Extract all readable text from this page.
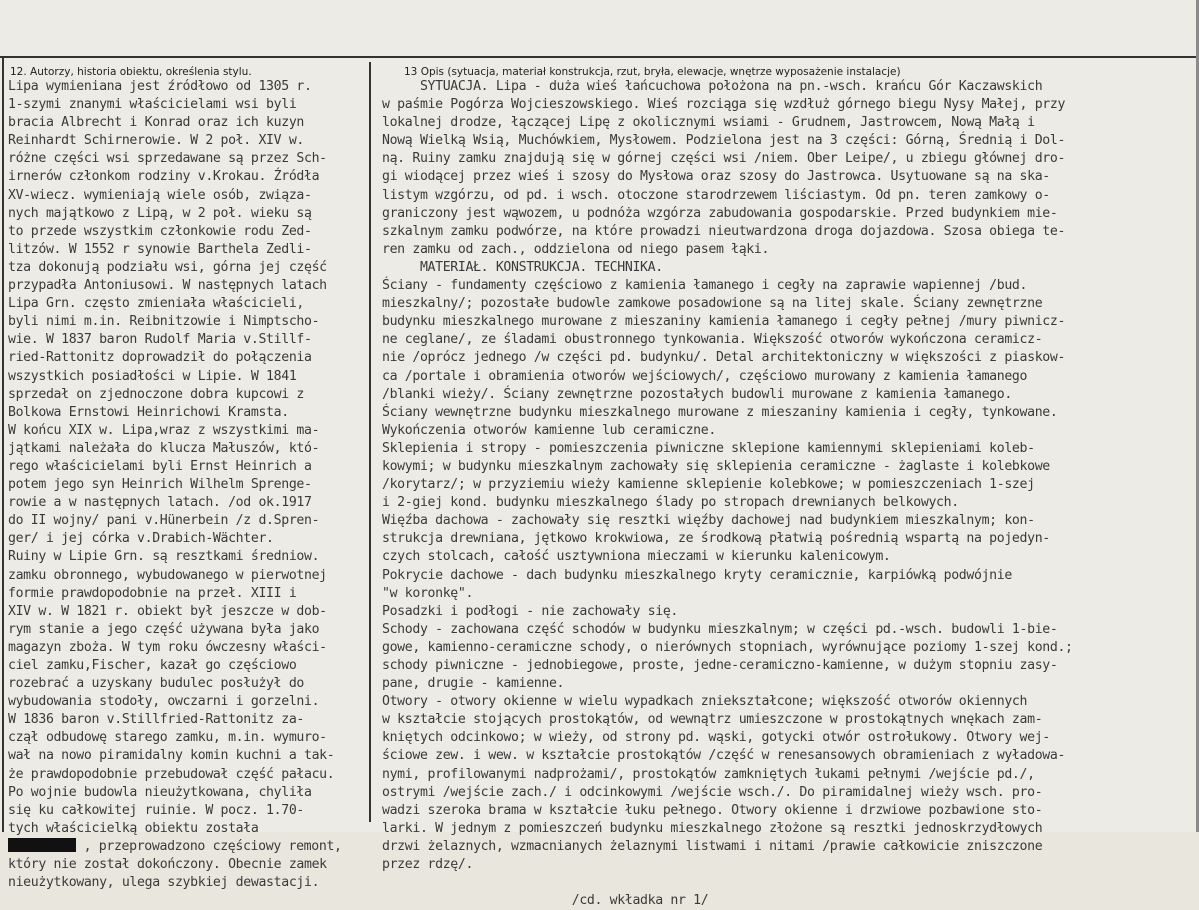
12. Autorzy, historia obiektu, określenia stylu.	13 Opis (sytuacja, materiał konstrukcja, rzut, bryła, elewacje, wnętrze wyposażenie instalacje)
Lipa wymieniana jest źródłowo od 1305 r.
1-szymi znanymi właścicielami wsi byli
bracia Albrecht i Konrad oraz ich kuzyn
Reinhardt Schirnerowie. W 2 poł. XIV w.
różne części wsi sprzedawane są przez Sch-
irnerów członkom rodziny v.Krokau. Źródła
XV-wiecz. wymieniają wiele osób, związa-
nych majątkowo z Lipą, w 2 poł. wieku są
to przede wszystkim członkowie rodu Zed-
litzów. W 1552 r synowie Barthela Zedli-
tza dokonują podziału wsi, górna jej część
przypadła Antoniusowi. W następnych latach
Lipa Grn. często zmieniała właścicieli,
byli nimi m.in. Reibnitzowie i Nimptscho-
wie. W 1837 baron Rudolf Maria v.Stillf-
ried-Rattonitz doprowadził do połączenia
wszystkich posiadłości w Lipie. W 1841
sprzedał on zjednoczone dobra kupcowi z
Bolkowa Ernstowi Heinrichowi Kramsta.
W końcu XIX w. Lipa,wraz z wszystkimi ma-
jątkami należała do klucza Małuszów, któ-
rego właścicielami byli Ernst Heinrich a
potem jego syn Heinrich Wilhelm Sprenge-
rowie a w następnych latach. /od ok.1917
do II wojny/ pani v.Hünerbein /z d.Spren-
ger/ i jej córka v.Drabich-Wächter.
Ruiny w Lipie Grn. są resztkami średniow.
zamku obronnego, wybudowanego w pierwotnej
formie prawdopodobnie na przeł. XIII i
XIV w. W 1821 r. obiekt był jeszcze w dob-
rym stanie a jego część używana była jako
magazyn zboża. W tym roku ówczesny właści-
ciel zamku,Fischer, kazał go częściowo
rozebrać a uzyskany budulec posłużył do
wybudowania stodoły, owczarni i gorzelni.
W 1836 baron v.Stillfried-Rattonitz za-
czął odbudowę starego zamku, m.in. wymuro-
wał na nowo piramidalny komin kuchni a tak-
że prawdopodobnie przebudował część pałacu.
Po wojnie budowla nieużytkowana, chyliła
się ku całkowitej ruinie. W pocz. 1.70-
tych właścicielką obiektu została
, przeprowadzono częściowy remont,
który nie został dokończony. Obecnie zamek
nieużytkowany, ulega szybkiej dewastacji.
SYTUACJA. Lipa - duża wieś łańcuchowa położona na pn.-wsch. krańcu Gór Kaczawskich
w paśmie Pogórza Wojcieszowskiego. Wieś rozciąga się wzdłuż górnego biegu Nysy Małej, przy
lokalnej drodze, łączącej Lipę z okolicznymi wsiami - Grudnem, Jastrowcem, Nową Małą i
Nową Wielką Wsią, Muchówkiem, Mysłowem. Podzielona jest na 3 części: Górną, Średnią i Dol-
ną. Ruiny zamku znajdują się w górnej części wsi /niem. Ober Leipe/, u zbiegu głównej dro-
gi wiodącej przez wieś i szosy do Mysłowa oraz szosy do Jastrowca. Usytuowane są na ska-
listym wzgórzu, od pd. i wsch. otoczone starodrzewem liściastym. Od pn. teren zamkowy o-
graniczony jest wąwozem, u podnóża wzgórza zabudowania gospodarskie. Przed budynkiem mie-
szkalnym zamku podwórze, na które prowadzi nieutwardzona droga dojazdowa. Szosa obiega te-
ren zamku od zach., oddzielona od niego pasem łąki.
MATERIAŁ. KONSTRUKCJA. TECHNIKA.
Ściany - fundamenty częściowo z kamienia łamanego i cegły na zaprawie wapiennej /bud.
mieszkalny/; pozostałe budowle zamkowe posadowione są na litej skale. Ściany zewnętrzne
budynku mieszkalnego murowane z mieszaniny kamienia łamanego i cegły pełnej /mury piwnicz-
ne ceglane/, ze śladami obustronnego tynkowania. Większość otworów wykończona ceramicz-
nie /oprócz jednego /w części pd. budynku/. Detal architektoniczny w większości z piaskow-
ca /portale i obramienia otworów wejściowych/, częściowo murowany z kamienia łamanego
/blanki wieży/. Ściany zewnętrzne pozostałych budowli murowane z kamienia łamanego.
Ściany wewnętrzne budynku mieszkalnego murowane z mieszaniny kamienia i cegły, tynkowane.
Wykończenia otworów kamienne lub ceramiczne.
Sklepienia i stropy - pomieszczenia piwniczne sklepione kamiennymi sklepieniami koleb-
kowymi; w budynku mieszkalnym zachowały się sklepienia ceramiczne - żaglaste i kolebkowe
/korytarz/; w przyziemiu wieży kamienne sklepienie kolebkowe; w pomieszczeniach 1-szej
i 2-giej kond. budynku mieszkalnego ślady po stropach drewnianych belkowych.
Więźba dachowa - zachowały się resztki więźby dachowej nad budynkiem mieszkalnym; kon-
strukcja drewniana, jętkowo krokwiowa, ze środkową płatwią pośrednią wspartą na pojedyn-
czych stolcach, całość usztywniona mieczami w kierunku kalenicowym.
Pokrycie dachowe - dach budynku mieszkalnego kryty ceramicznie, karpiówką podwójnie
"w koronkę".
Posadzki i podłogi - nie zachowały się.
Schody - zachowana część schodów w budynku mieszkalnym; w części pd.-wsch. budowli 1-bie-
gowe, kamienno-ceramiczne schody, o nierównych stopniach, wyrównujące poziomy 1-szej kond.;
schody piwniczne - jednobiegowe, proste, jedne-ceramiczno-kamienne, w dużym stopniu zasy-
pane, drugie - kamienne.
Otwory - otwory okienne w wielu wypadkach zniekształcone; większość otworów okiennych
w kształcie stojących prostokątów, od wewnątrz umieszczone w prostokątnych wnękach zam-
kniętych odcinkowo; w wieży, od strony pd. wąski, gotycki otwór ostrołukowy. Otwory wej-
ściowe zew. i wew. w kształcie prostokątów /część w renesansowych obramieniach z wyładowa-
nymi, profilowanymi nadprożami/, prostokątów zamkniętych łukami pełnymi /wejście pd./,
ostrymi /wejście zach./ i odcinkowymi /wejście wsch./. Do piramidalnej wieży wsch. pro-
wadzi szeroka brama w kształcie łuku pełnego. Otwory okienne i drzwiowe pozbawione sto-
larki. W jednym z pomieszczeń budynku mieszkalnego złożone są resztki jednoskrzydłowych
drzwi żelaznych, wzmacnianych żelaznymi listwami i nitami /prawie całkowicie zniszczone
przez rdzę/.
/cd. wkładka nr 1/
